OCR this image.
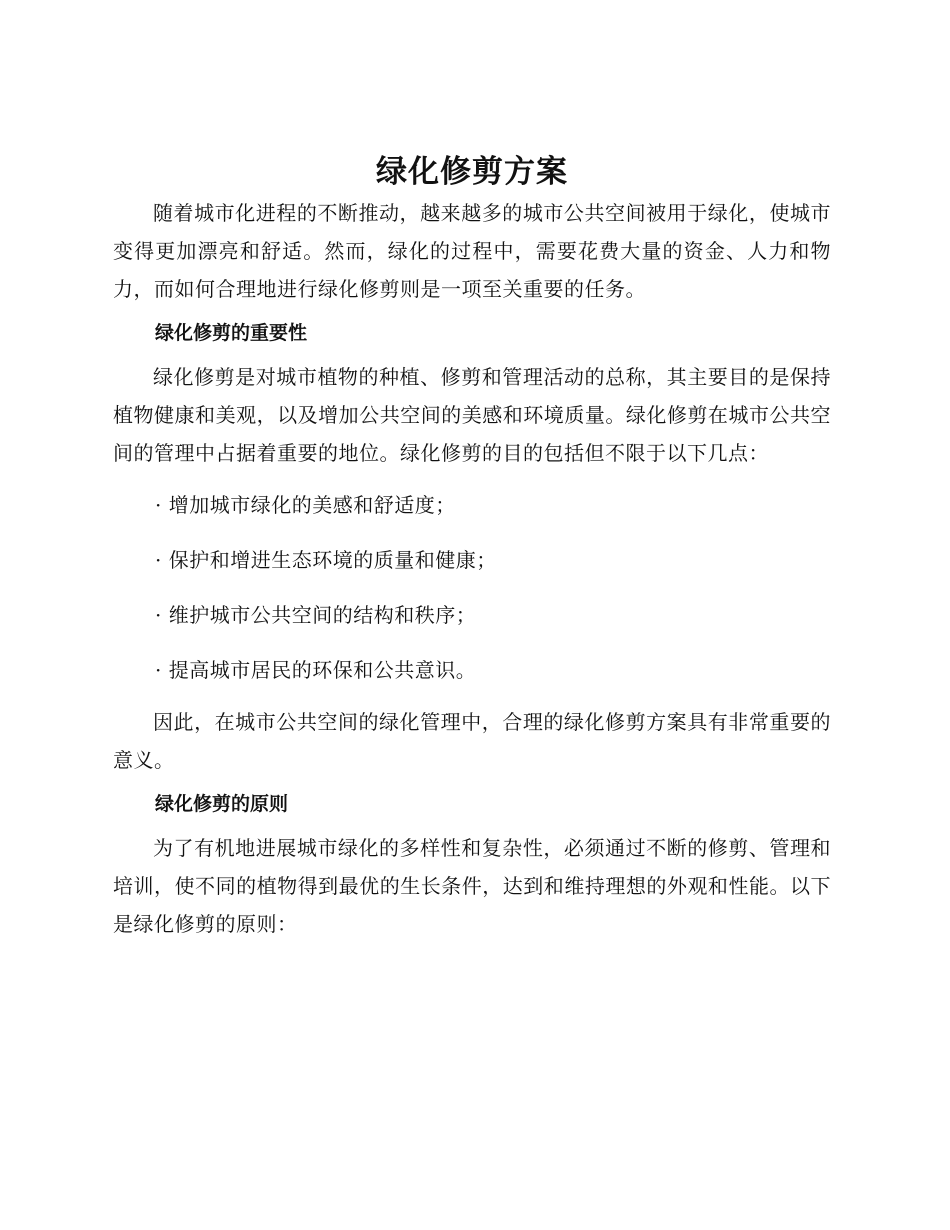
绿化修剪方案

随着城市化进程的不断推动，越来越多的城市公共空间被用于绿化，使城市变得更加漂亮和舒适。然而，绿化的过程中，需要花费大量的资金、人力和物力，而如何合理地进行绿化修剪则是一项至关重要的任务。

绿化修剪的重要性

绿化修剪是对城市植物的种植、修剪和管理活动的总称，其主要目的是保持植物健康和美观，以及增加公共空间的美感和环境质量。绿化修剪在城市公共空间的管理中占据着重要的地位。绿化修剪的目的包括但不限于以下几点：

· 增加城市绿化的美感和舒适度；

· 保护和增进生态环境的质量和健康；

· 维护城市公共空间的结构和秩序；

· 提高城市居民的环保和公共意识。

因此，在城市公共空间的绿化管理中，合理的绿化修剪方案具有非常重要的意义。

绿化修剪的原则

为了有机地进展城市绿化的多样性和复杂性，必须通过不断的修剪、管理和培训，使不同的植物得到最优的生长条件，达到和维持理想的外观和性能。以下是绿化修剪的原则：
